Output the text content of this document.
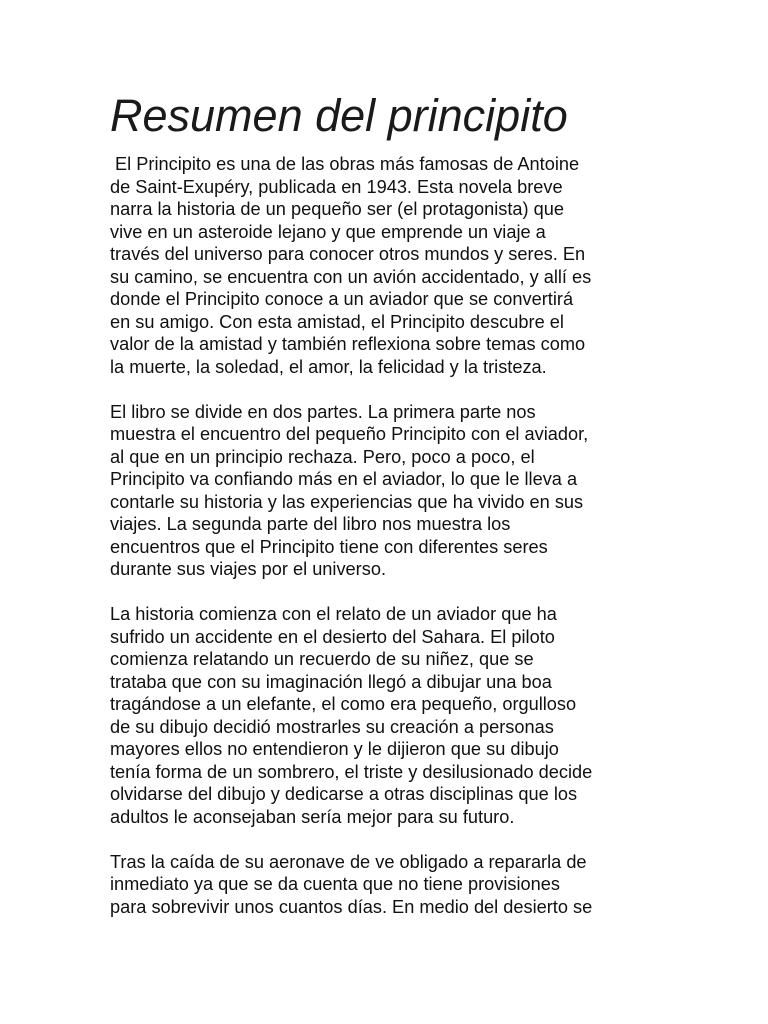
Resumen del principito
El Principito es una de las obras más famosas de Antoine
de Saint-Exupéry, publicada en 1943. Esta novela breve
narra la historia de un pequeño ser (el protagonista) que
vive en un asteroide lejano y que emprende un viaje a
través del universo para conocer otros mundos y seres. En
su camino, se encuentra con un avión accidentado, y allí es
donde el Principito conoce a un aviador que se convertirá
en su amigo. Con esta amistad, el Principito descubre el
valor de la amistad y también reflexiona sobre temas como
la muerte, la soledad, el amor, la felicidad y la tristeza.
El libro se divide en dos partes. La primera parte nos
muestra el encuentro del pequeño Principito con el aviador,
al que en un principio rechaza. Pero, poco a poco, el
Principito va confiando más en el aviador, lo que le lleva a
contarle su historia y las experiencias que ha vivido en sus
viajes. La segunda parte del libro nos muestra los
encuentros que el Principito tiene con diferentes seres
durante sus viajes por el universo.
La historia comienza con el relato de un aviador que ha
sufrido un accidente en el desierto del Sahara. El piloto
comienza relatando un recuerdo de su niñez, que se
trataba que con su imaginación llegó a dibujar una boa
tragándose a un elefante, el como era pequeño, orgulloso
de su dibujo decidió mostrarles su creación a personas
mayores ellos no entendieron y le dijieron que su dibujo
tenía forma de un sombrero, el triste y desilusionado decide
olvidarse del dibujo y dedicarse a otras disciplinas que los
adultos le aconsejaban sería mejor para su futuro.
Tras la caída de su aeronave de ve obligado a repararla de
inmediato ya que se da cuenta que no tiene provisiones
para sobrevivir unos cuantos días. En medio del desierto se
